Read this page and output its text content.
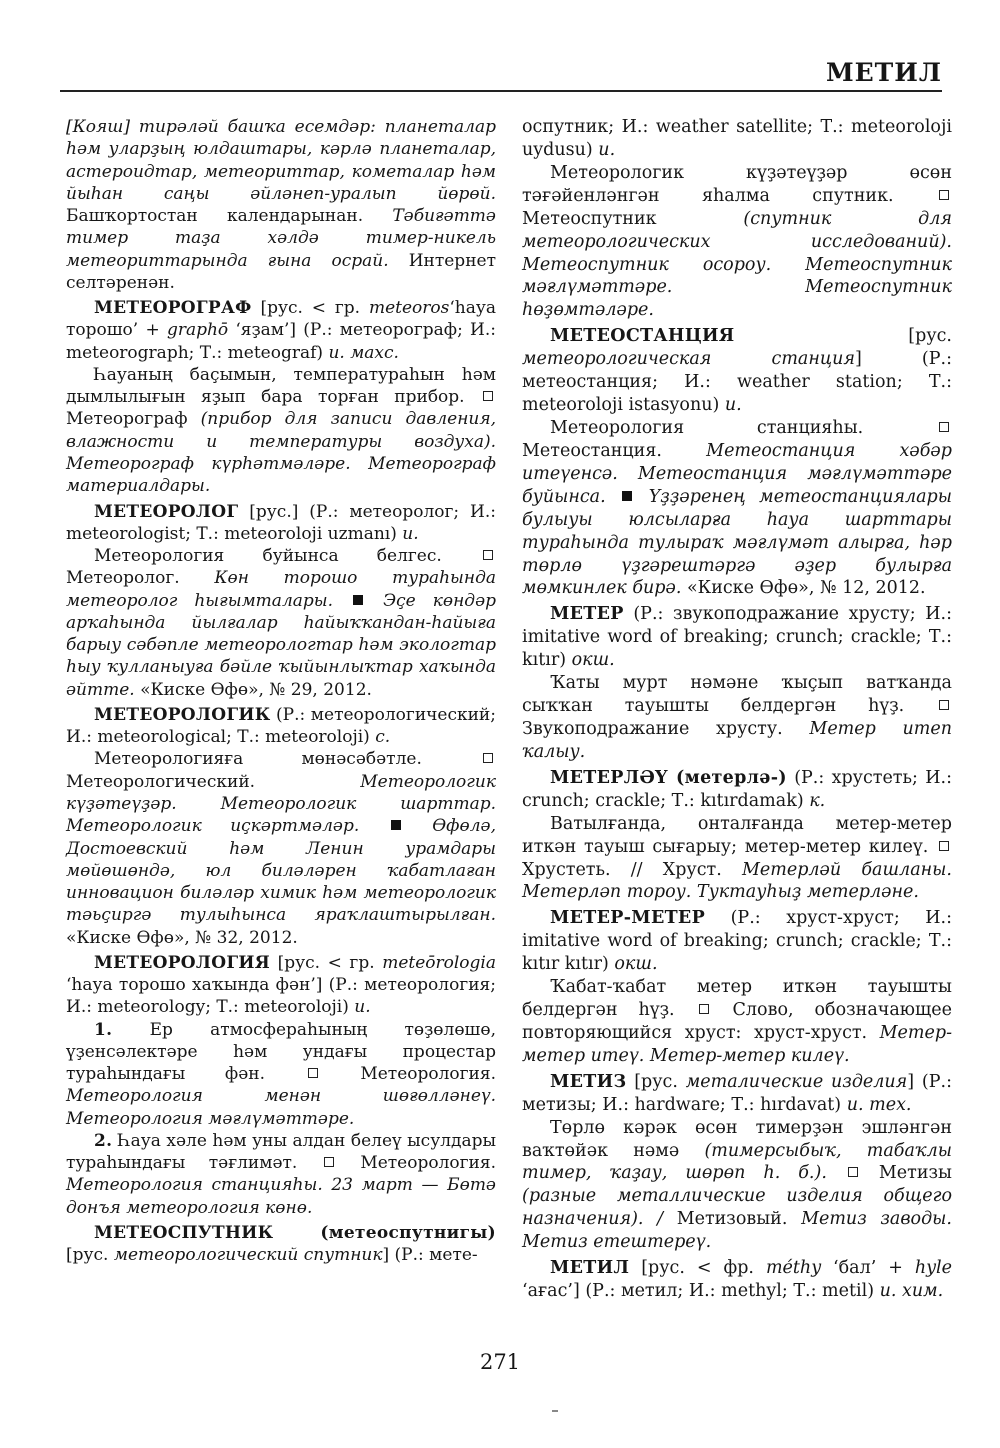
МЕТИЛ

[Кояш] тирәләй башҡа есемдәр: планеталар һәм уларҙың юлдаштары, кәрлә планеталар, астероидтар, метеориттар, кометалар һәм йыһан саңы әйләнеп-уралып йөрөй. Башҡортостан календарынан. Тәбиғәттә тимер таҙа хәлдә тимер-никель метеориттарында ғына осрай. Интернет селтәренән.

МЕТЕОРОГРАФ [рус. < гр. meteoros‘һауа торошо’ + graphō ‘яҙам’] (Р.: метеорограф; И.: meteorograph; Т.: meteograf) и. махс.

Һауаның баҫымын, температураһын һәм дымлылығын яҙып бара торған прибор.  Метеорограф (прибор для записи давления, влажности и температуры воздуха). Метеорограф күрһәтмәләре. Метеорограф материалдары.

МЕТЕОРОЛОГ [рус.] (Р.: метеоролог; И.: meteorologist; Т.: meteoroloji uzmanı) и.

Метеорология буйынса белгес.  Метеоролог. Көн торошо тураһында метеоролог һығымталары.	Эҫе көндәр арҡаһында йылғалар һайыҡҡандан-һайыға барыу сәбәпле метеорологтар һәм экологтар һыу ҡулланыуға бәйле ҡыйынлыҡтар хаҡында әйттe. «Киске Өфө», № 29, 2012.

МЕТЕОРОЛОГИК (Р.: метеорологический; И.: meteorological; Т.: meteoroloji) с.

Метеорологияға мөнәсәбәтле.  Метеорологический.	Метеорологик күҙәтеүҙәр. Метеорологик шарттар. Метеорологик иҫкәртмәләр.	Өфөлә, Достоевский һәм Ленин урамдары мөйөшөндә, юл биләләрен ҡабатлаған инновацион биләләр химик һәм метеорологик тәьҫиргә тулыһынса яраҡлаштырылған. «Киске Өфө», № 32, 2012.

МЕТЕОРОЛОГИЯ [рус. < гр. meteōrologia ‘һауа торошо хаҡында фән’] (Р.: метеорология; И.: meteorology; Т.: meteoroloji) и.

1. Ер атмосфераһының төҙөлөшө, үҙенсәлектәре һәм ундағы процестар тураһындағы фән.	Метеорология. Метеорология менән шөғөлләнеү. Метеорология мәғлүмәттәре.

2. Һауа хәле һәм уны алдан белеү ысулдары тураһындағы тәғлимәт.	Метеорология. Метеорология станцияһы. 23 март — Бөтә донъя метеорология көнө.

МЕТЕОСПУТНИК	(метеоспутнигы) [рус. метеорологический спутник] (Р.: мете-

оспутник; И.: weather satellite; Т.: meteoroloji uydusu) и.

Метеорологик күҙәтеүҙәр өсөн тәғәйенләнгән яһалма спутник.  Метеоспутник	(спутник для метеорологических исследований). Метеоспутник осороу. Метеоспутник мәғлүмәттәре. Метеоспутник һөҙөмтәләре.

МЕТЕОСТАНЦИЯ	[рус. метеорологическая станция] (Р.: метеостанция; И.: weather station; Т.: meteoroloji istasyonu) и.

Метеорология станцияһы.  Метеостанция.	Метеостанция хәбәр итеүенсә. Метеостанция мәғлүмәттәре буйынса. Үҙҙәренең метеостанциялары булыуы юлсыларға һауа шарттары тураһында тулыраҡ мәғлүмәт алырға, һәр төрлө үҙгәрештәргә әҙер булырға мөмкинлек бирә. «Киске Өфө», № 12, 2012.

МЕТЕР (Р.: звукоподражание хрусту; И.: imitative word of breaking; crunch; crackle; Т.: kıtır) окш.

Ҡаты мурт нәмәне ҡыҫып ватҡанда сыҡҡан тауышты белдергән һүҙ.  Звукоподражание хрусту. Метер итеп ҡалыу.

МЕТЕРЛӘҮ (метерлә-) (Р.: хрустеть; И.: crunch; crackle; Т.: kıtırdamak) к.

Ватылғанда, онталғанда метер-метер иткән тауыш сығарыу; метер-метер килеү.  Хрустеть. // Хруст. Метерләй башланы. Метерләп тороу. Туктауһыҙ метерләне.

МЕТЕР-МЕТЕР (Р.: хруст-хруст; И.: imitative word of breaking; crunch; crackle; Т.: kıtır kıtır) окш.

Ҡабат-ҡабат метер иткән тауышты белдергән һүҙ.	Слово, обозначающее повторяющийся хруст: хруст-хруст. Метер-метер итеү. Метер-метер килеү.

МЕТИЗ [рус. металические изделия] (Р.: метизы; И.: hardware; Т.: hırdavat) и. тех.

Төрлө кәрәк өсөн тимерҙән эшләнгән ваҡтөйәк нәмә (тимерсыбыҡ, табаҡлы тимер, ҡаҙау, шөрөп һ. б.).	Метизы (разные металлические изделия общего назначения). / Метизовый. Метиз заводы. Метиз етештереү.

МЕТИЛ [рус. < фр. méthy ‘бал’ + hyle ‘ағас’] (Р.: метил; И.: methyl; Т.: metil) и. хим.

271
